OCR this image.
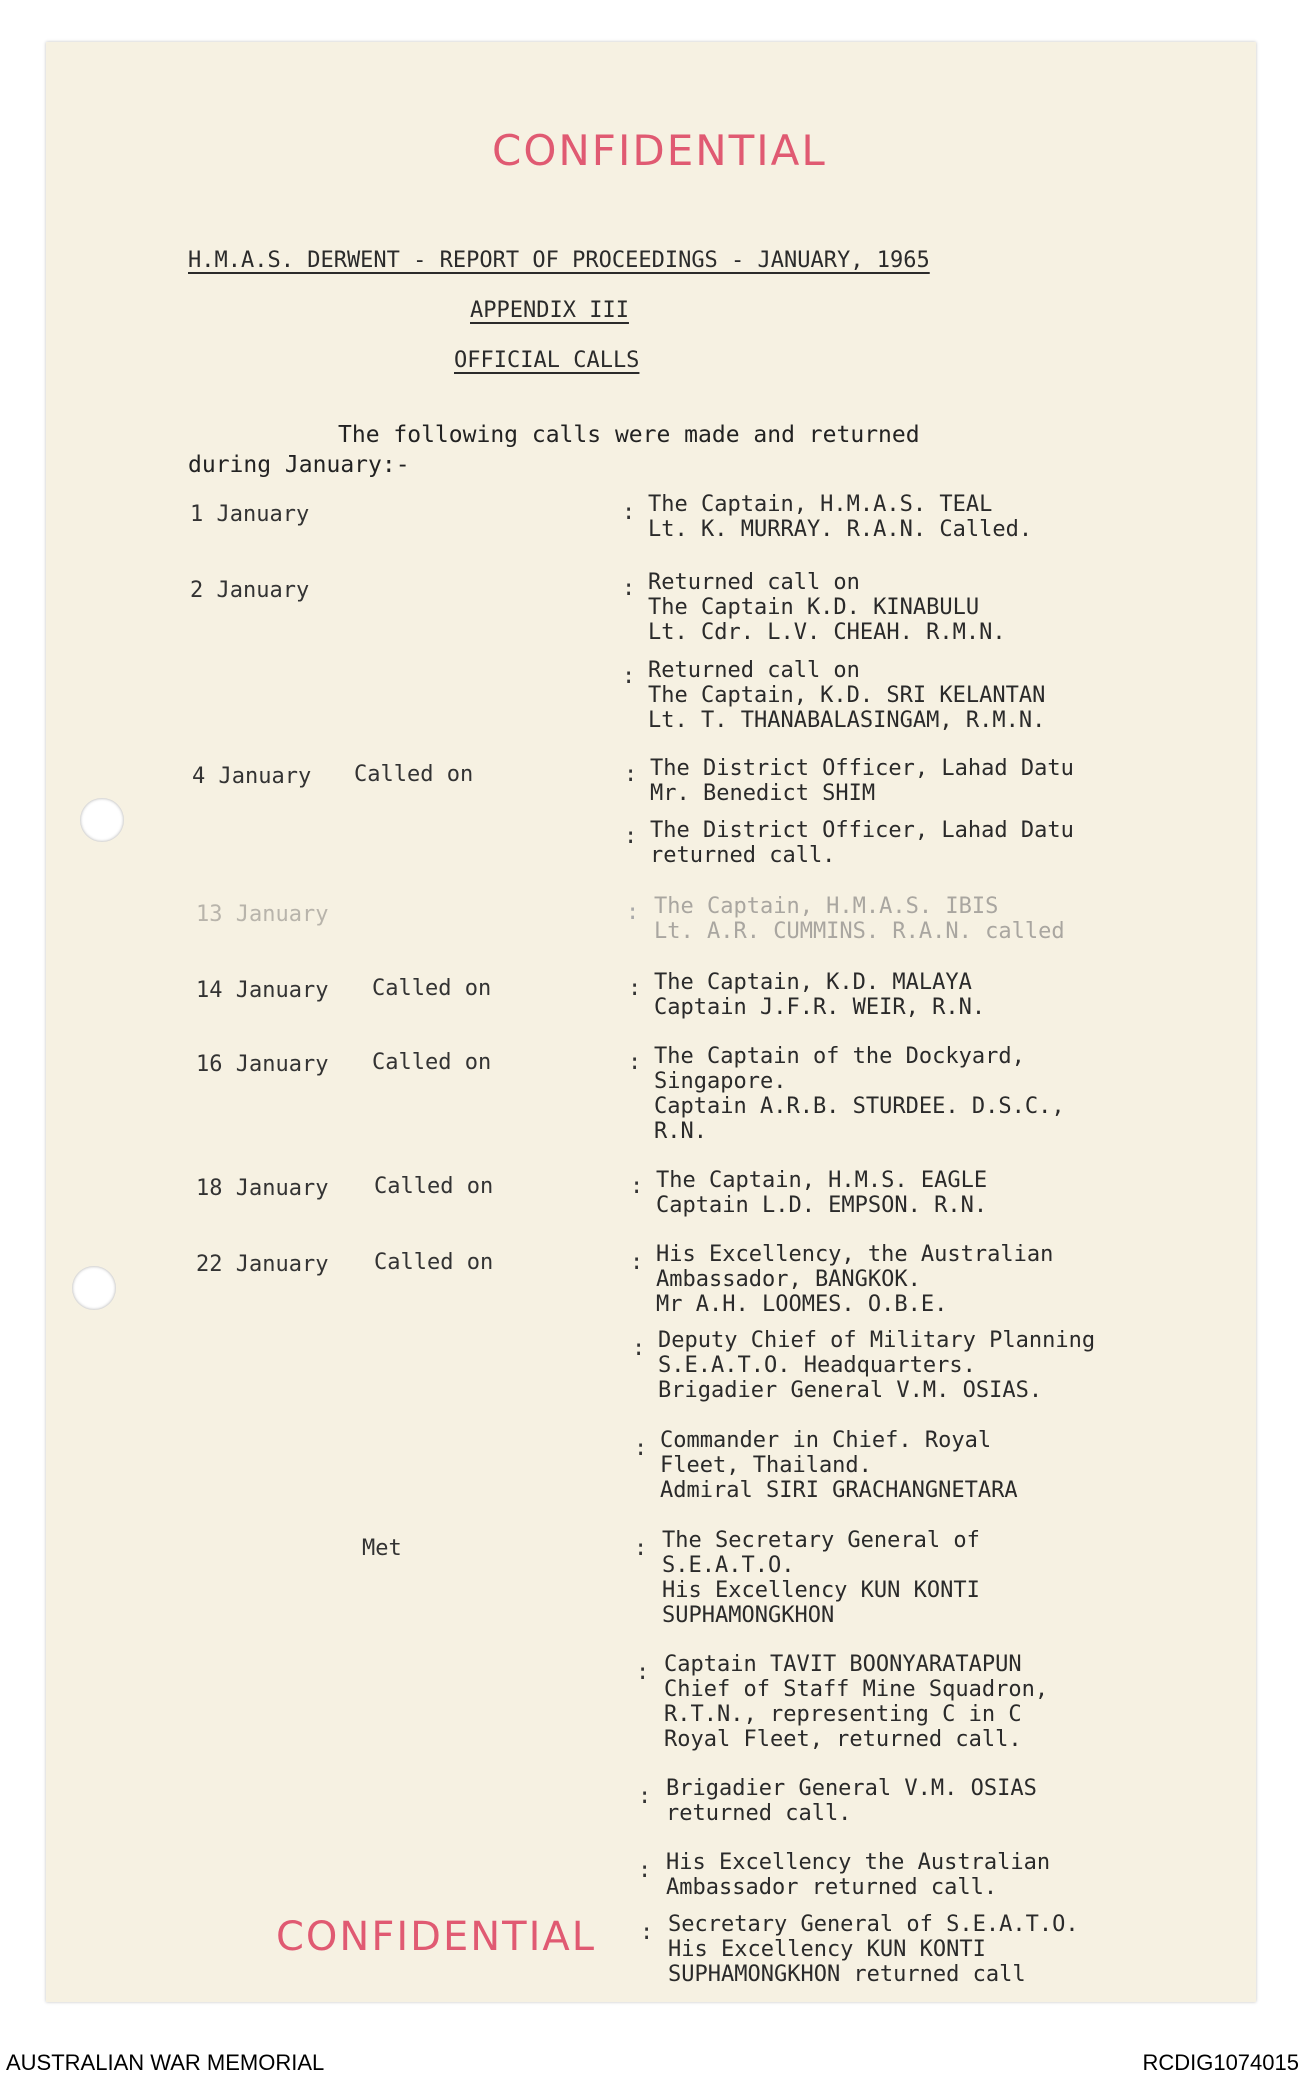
CONFIDENTIAL
H.M.A.S. DERWENT - REPORT OF PROCEEDINGS - JANUARY, 1965
APPENDIX III
OFFICIAL CALLS
The following calls were made and returned
during January:-
1 January	: The Captain, H.M.A.S. TEAL
Lt. K. MURRAY. R.A.N. Called.
2 January	: Returned call on
The Captain K.D. KINABULU
Lt. Cdr. L.V. CHEAH. R.M.N.
: Returned call on
The Captain, K.D. SRI KELANTAN
Lt. T. THANABALASINGAM, R.M.N.
4 January Called on	: The District Officer, Lahad Datu
Mr. Benedict SHIM
: The District Officer, Lahad Datu
returned call.
13 January	: The Captain, H.M.A.S. IBIS
Lt. A.R. CUMMINS. R.A.N. called
14 January Called on	: The Captain, K.D. MALAYA
Captain J.F.R. WEIR, R.N.
16 January Called on	: The Captain of the Dockyard,
Singapore.
Captain A.R.B. STURDEE. D.S.C.,
R.N.
18 January Called on	: The Captain, H.M.S. EAGLE
Captain L.D. EMPSON. R.N.
22 January Called on	: His Excellency, the Australian
Ambassador, BANGKOK.
Mr A.H. LOOMES. O.B.E.
: Deputy Chief of Military Planning
S.E.A.T.O. Headquarters.
Brigadier General V.M. OSIAS.
: Commander in Chief. Royal
Fleet, Thailand.
Admiral SIRI GRACHANGNETARA
Met	: The Secretary General of
S.E.A.T.O.
His Excellency KUN KONTI
SUPHAMONGKHON
: Captain TAVIT BOONYARATAPUN
Chief of Staff Mine Squadron,
R.T.N., representing C in C
Royal Fleet, returned call.
: Brigadier General V.M. OSIAS
returned call.
: His Excellency the Australian
Ambassador returned call.
: Secretary General of S.E.A.T.O.
His Excellency KUN KONTI
SUPHAMONGKHON returned call
CONFIDENTIAL
AUSTRALIAN WAR MEMORIAL	RCDIG1074015
